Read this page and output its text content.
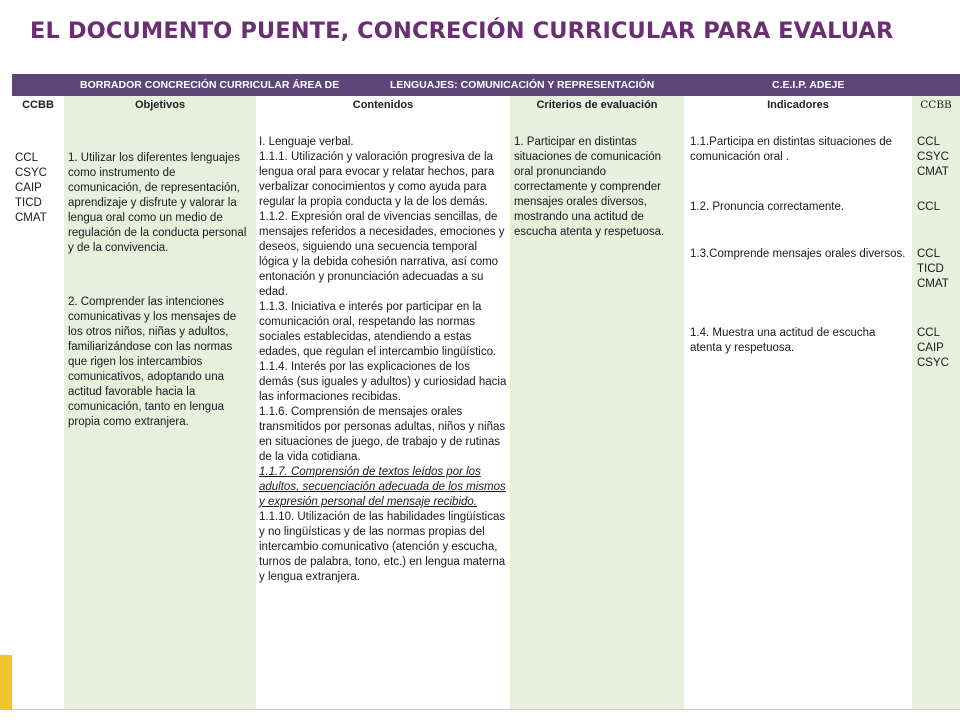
EL DOCUMENTO PUENTE, CONCRECIÓN CURRICULAR PARA EVALUAR
BORRADOR CONCRECIÓN CURRICULAR ÁREA DE	LENGUAJES: COMUNICACIÓN Y REPRESENTACIÓN	C.E.I.P. ADEJE
CCBB
CCL
CSYC
CAIP
TICD
CMAT
Objetivos

1. Utilizar los diferentes lenguajes como instrumento de comunicación, de representación, aprendizaje y disfrute y valorar la lengua oral como un medio de regulación de la conducta personal y de la convivencia.

2. Comprender las intenciones comunicativas y los mensajes de los otros niños, niñas y adultos, familiarizándose con las normas que rigen los intercambios comunicativos, adoptando una actitud favorable hacia la comunicación, tanto en lengua propia como extranjera.

Contenidos

I. Lenguaje verbal.

1.1.1. Utilización y valoración progresiva de la lengua oral para evocar y relatar hechos, para verbalizar conocimientos y como ayuda para regular la propia conducta y la de los demás.

1.1.2. Expresión oral de vivencias sencillas, de mensajes referidos a necesidades, emociones y deseos, siguiendo una secuencia temporal lógica y la debida cohesión narrativa, así como entonación y pronunciación adecuadas a su edad.

1.1.3. Iniciativa e interés por participar en la comunicación oral, respetando las normas sociales establecidas, atendiendo a estas edades, que regulan el intercambio lingüístico.

1.1.4. Interés por las explicaciones de los demás (sus iguales y adultos) y curiosidad hacia las informaciones recibidas.

1.1.6. Comprensión de mensajes orales transmitidos por personas adultas, niños y niñas en situaciones de juego, de trabajo y de rutinas de la vida cotidiana.

1.1.7. Comprensión de textos leídos por los adultos, secuenciación adecuada de los mismos y expresión personal del mensaje recibido.

1.1.10. Utilización de las habilidades lingüísticas y no lingüísticas y de las normas propias del intercambio comunicativo (atención y escucha, turnos de palabra, tono, etc.) en lengua materna y lengua extranjera.

Criterios de evaluación

1. Participar en distintas situaciones de comunicación oral pronunciando correctamente y comprender mensajes orales diversos, mostrando una actitud de escucha atenta y respetuosa.

Indicadores

1.1.Participa en distintas situaciones de comunicación oral .

1.2. Pronuncia correctamente.

1.3.Comprende mensajes orales diversos.

1.4. Muestra una actitud de escucha atenta y respetuosa.

CCBB
CCL
CSYC
CMAT
CCL
CCL
TICD
CMAT
CCL
CAIP
CSYC
